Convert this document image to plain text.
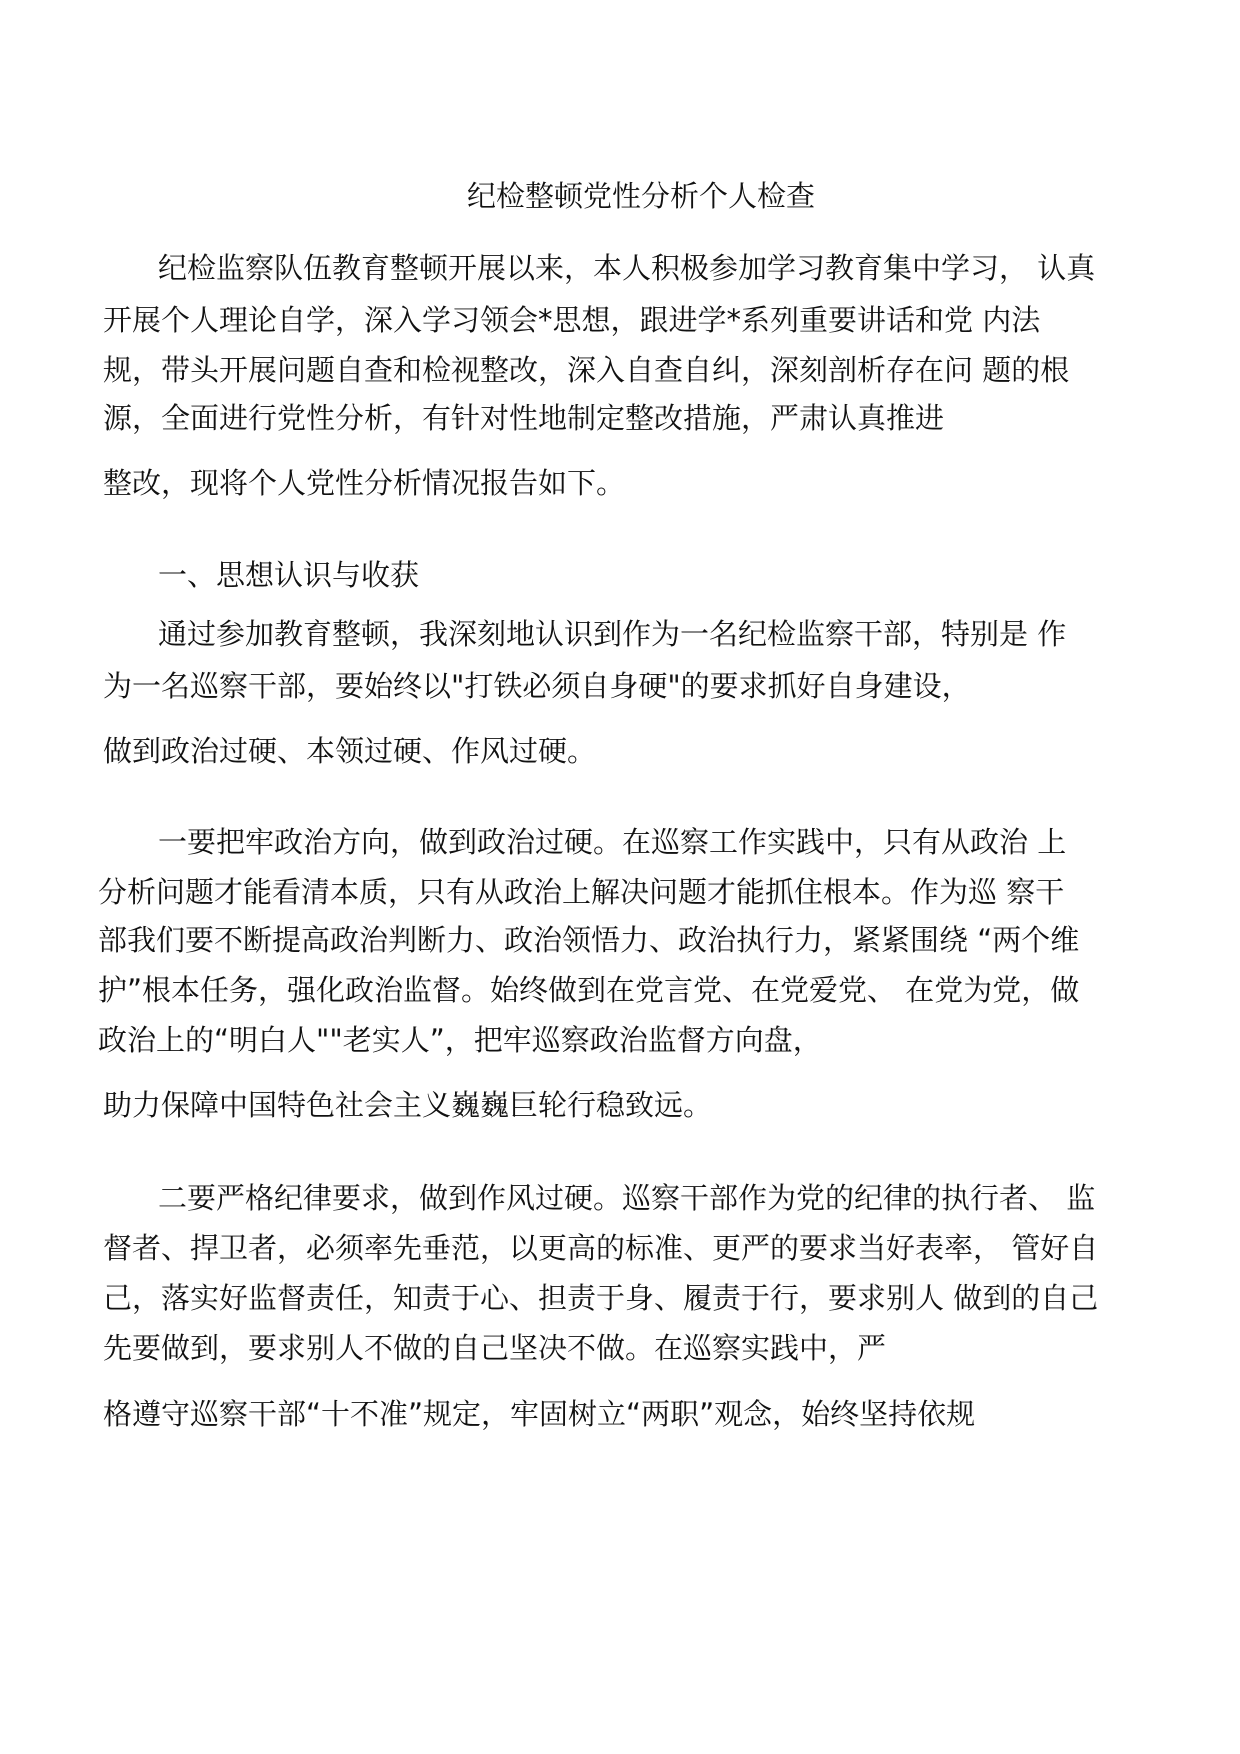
纪检整顿党性分析个人检查
纪检监察队伍教育整顿开展以来，本人积极参加学习教育集中学习， 认真
开展个人理论自学，深入学习领会*思想，跟进学*系列重要讲话和党 内法
规，带头开展问题自查和检视整改，深入自查自纠，深刻剖析存在问 题的根
源，全面进行党性分析，有针对性地制定整改措施，严肃认真推进
整改，现将个人党性分析情况报告如下。
一、思想认识与收获
通过参加教育整顿，我深刻地认识到作为一名纪检监察干部，特别是 作
为一名巡察干部，要始终以"打铁必须自身硬"的要求抓好自身建设，
做到政治过硬、本领过硬、作风过硬。
一要把牢政治方向，做到政治过硬。在巡察工作实践中，只有从政治 上
分析问题才能看清本质，只有从政治上解决问题才能抓住根本。作为巡 察干
部我们要不断提高政治判断力、政治领悟力、政治执行力，紧紧围绕 “两个维
护”根本任务，强化政治监督。始终做到在党言党、在党爱党、 在党为党，做
政治上的“明白人""老实人”，把牢巡察政治监督方向盘，
助力保障中国特色社会主义巍巍巨轮行稳致远。
二要严格纪律要求，做到作风过硬。巡察干部作为党的纪律的执行者、 监
督者、捍卫者，必须率先垂范，以更高的标准、更严的要求当好表率， 管好自
己，落实好监督责任，知责于心、担责于身、履责于行，要求别人 做到的自己
先要做到，要求别人不做的自己坚决不做。在巡察实践中，严
格遵守巡察干部“十不准”规定，牢固树立“两职”观念，始终坚持依规
